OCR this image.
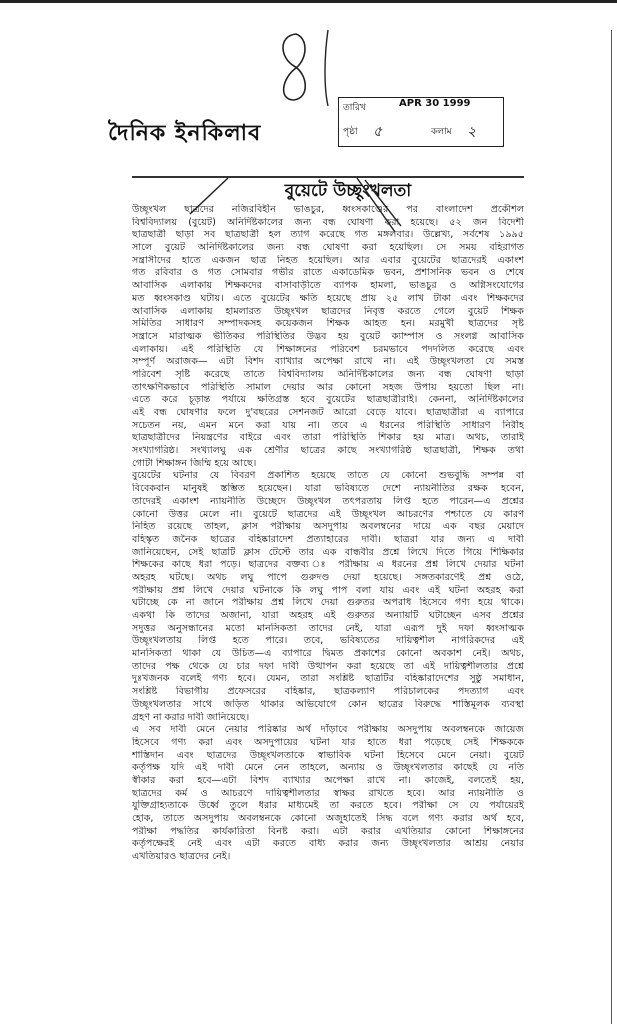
দৈনিক ইনকিলাব
তারিখ	APR 30 1999
পৃষ্ঠা ৫	কলাম ২
বুয়েটে উচ্ছৃংখলতা
উচ্ছৃংখল ছাত্রদের নজিরবিহীন ভাঙচুর, ধ্বংসকাণ্ডের পর বাংলাদেশ প্রকৌশল
বিশ্ববিদ্যালয় (বুয়েট) অনির্দিষ্টকালের জন্য বন্ধ ঘোষণা করা হয়েছে। ৫২ জন বিদেশী
ছাত্রছাত্রী ছাড়া সব ছাত্রছাত্রী হল ত্যাগ করেছে গত মঙ্গলবার। উল্লেখ্য, সর্বশেষ ১৯৯৫
সালে বুয়েট অনির্দিষ্টকালের জন্য বন্ধ ঘোষণা করা হয়েছিল। সে সময় বহিরাগত
সন্ত্রাসীদের হাতে একজন ছাত্র নিহত হয়েছিল। আর এবার বুয়েটের ছাত্রদেরই একাংশ
গত রবিবার ও গত সোমবার গভীর রাতে একাডেমিক ভবন, প্রশাসনিক ভবন ও শেষে
আবাসিক এলাকায় শিক্ষকদের বাসাবাড়ীতে ব্যাপক হামলা, ভাঙচুর ও অগ্নিসংযোগের
মত ধ্বংসকাণ্ড ঘটায়। এতে বুয়েটের ক্ষতি হয়েছে প্রায় ২৫ লাখ টাকা এবং শিক্ষকদের
আবাসিক এলাকায় হামলারত উচ্ছৃংখল ছাত্রদের নিবৃত্ত করতে গেলে বুয়েট শিক্ষক
সমিতির সাধারণ সম্পাদকসহ কয়েকজন শিক্ষক আহত হন। মরমুখী ছাত্রদের সৃষ্ট
সন্ত্রাসে মারাত্মক ভীতিকর পরিস্থিতির উদ্ভব হয় বুয়েট ক্যাম্পাস ও সংলগ্ন আবাসিক
এলাকায়। এই পরিস্থিতি যে শিক্ষাঙ্গনের পরিবেশ চরমভাবে পদদলিত করেছে এবং
সম্পূর্ণ অরাজক— এটা বিশদ ব্যাখ্যার অপেক্ষা রাখে না। এই উচ্ছৃংখলতা যে সমস্ত
পরিবেশ সৃষ্টি করেছে তাতে বিশ্ববিদ্যালয় অনির্দিষ্টকালের জন্য বন্ধ ঘোষণা ছাড়া
তাৎক্ষণিকভাবে পরিস্থিতি সামাল দেয়ার আর কোনো সহজ উপায় হয়তো ছিল না।
এতে করে চূড়ান্ত পর্যায়ে ক্ষতিগ্রস্ত হবে বুয়েটের ছাত্রছাত্রীরাই। কেননা, অনির্দিষ্টকালের
এই বন্ধ ঘোষণার ফলে দু'বছরের সেশনজট আরো বেড়ে যাবে। ছাত্রছাত্রীরা এ ব্যাপারে
সচেতন নয়, এমন মনে করা যায় না। তবে এ ধরনের পরিস্থিতি সাধারণ নিরীহ
ছাত্রছাত্রীদের নিয়ন্ত্রণের বাইরে এবং তারা পরিস্থিতি শিকার হয় মাত্র। অথচ, তারাই
সংখ্যাগরিষ্ঠ। সংখ্যালঘু এক শ্রেণীর ছাত্রের কাছে সংখ্যাগরিষ্ঠ ছাত্রছাত্রী, শিক্ষক তথা
গোটা শিক্ষাঙ্গন জিম্মি হয়ে আছে।
বুয়েটের ঘটনার যে বিবরণ প্রকাশিত হয়েছে তাতে যে কোনো শুভবুদ্ধি সম্পন্ন বা
বিবেকবান মানুষই স্তম্ভিত হয়েছেন। যারা ভবিষ্যতে দেশে ন্যায়নীতির রক্ষক হবেন,
তাদেরই একাংশ ন্যায়নীতি উচ্ছেদে উচ্ছৃংখল তৎপরতায় লিপ্ত হতে পারেন—এ প্রশ্নের
কোনো উত্তর মেলে না। বুয়েটে ছাত্রদের এই উচ্ছৃংখল আচরণের পশ্চাতে যে কারণ
নিহিত রয়েছে তাহল, ক্লাস পরীক্ষায় অসদুপায় অবলম্বনের দায়ে এক বছর মেয়াদে
বহিস্কৃত জনৈক ছাত্রের বহিষ্কারাদেশ প্রত্যাহারের দাবী। ছাত্ররা যার জন্য এ দাবী
জানিয়েছেন, সেই ছাত্রটি ক্লাস টেস্টে তার এক বান্ধবীর প্রশ্নে লিখে দিতে গিয়ে শিক্ষিকার
শিক্ষকের কাছে ধরা পড়ে। ছাত্রদের বক্তব্য ঃ পরীক্ষায় এ ধরনের প্রশ্ন লিখে দেয়ার ঘটনা
অহরহ ঘটছে। অথচ লঘু পাপে গুরুদণ্ড দেয়া হয়েছে। সঙ্গতকারণেই প্রশ্ন ওঠে,
পরীক্ষায় প্রশ্ন লিখে দেয়ার ঘটনাকে কি লঘু পাপ বলা যায় এবং এই ঘটনা অহরহ করা
ঘটাচ্ছে কে না জানে পরীক্ষায় প্রশ্ন লিখে দেয়া গুরুতর অপরাধ হিসেবে গণ্য হয়ে থাকে।
একথা কি তাদের অজানা, যারা অহরহ এই গুরুতর অন্যায়টি ঘটাচ্ছেন এসব প্রশ্নের
সদুত্তর অনুসন্ধানের মতো মানসিকতা তাদের নেই, যারা এরূপ দুই দফা ধ্বংসাত্মক
উচ্ছৃংখলতায় লিপ্ত হতে পারে। তবে, ভবিষ্যতের দায়িত্বশীল নাগরিকদের এই
মানসিকতা থাকা যে উচিত—এ ব্যাপারে দ্বিমত প্রকাশের কোনো অবকাশ নেই। অথচ,
তাদের পক্ষ থেকে যে চার দফা দাবী উত্থাপন করা হয়েছে তা এই দায়িত্বশীলতার প্রশ্নে
দুঃখজনক বলেই গণ্য হবে। যেমন, তারা সংশ্লিষ্ট ছাত্রটির বহিষ্কারাদেশের সুষ্ঠু সমাধান,
সংশ্লিষ্ট বিভাগীয় প্রফেসরের বহিষ্কার, ছাত্রকল্যাণ পরিচালকের পদত্যাগ এবং
উচ্ছৃংখলতার সাথে জড়িত থাকার অভিযোগে কোন ছাত্রের বিরুদ্ধে শাস্তিমূলক ব্যবস্থা
গ্রহণ না করার দাবী জানিয়েছে।
এ সব দাবী মেনে নেয়ার পরিষ্কার অর্থ দাঁড়াবে পরীক্ষায় অসদুপায় অবলম্বনকে জায়েজ
হিসেবে গণ্য করা এবং অসদুপায়ের ঘটনা যার হাতে ধরা পড়েছে সেই শিক্ষককে
শাস্তিদান এবং ছাত্রদের উচ্ছৃংখলতাকে স্বাভাবিক ঘটনা হিসেবে মেনে নেয়া। বুয়েট
কর্তৃপক্ষ যদি এই দাবী মেনে নেন তাহলে, অন্যায় ও উচ্ছৃংখলতার কাছেই যে নতি
স্বীকার করা হবে—এটা বিশদ ব্যাখ্যার অপেক্ষা রাখে না। কাজেই, বলতেই হয়,
ছাত্রদের কর্ম ও আচরণে দায়িত্বশীলতার স্বাক্ষর রাখতে হবে। আর ন্যায়নীতি ও
যুক্তিগ্রাহ্যতাকে উর্ধ্বে তুলে ধরার মাধ্যমেই তা করতে হবে। পরীক্ষা সে যে পর্যায়েরই
হোক, তাতে অসদুপায় অবলম্বনকে কোনো অজুহাতেই সিদ্ধ বলে গণ্য করার অর্থ হবে,
পরীক্ষা পদ্ধতির কার্যকারিতা বিনষ্ট করা। এটা করার এখতিয়ার কোনো শিক্ষাঙ্গনের
কর্তৃপক্ষেরই নেই এবং এটা করতে বাধ্য করার জন্য উচ্ছৃংখলতার আশ্রয় নেয়ার
এখতিয়ারও ছাত্রদের নেই।
